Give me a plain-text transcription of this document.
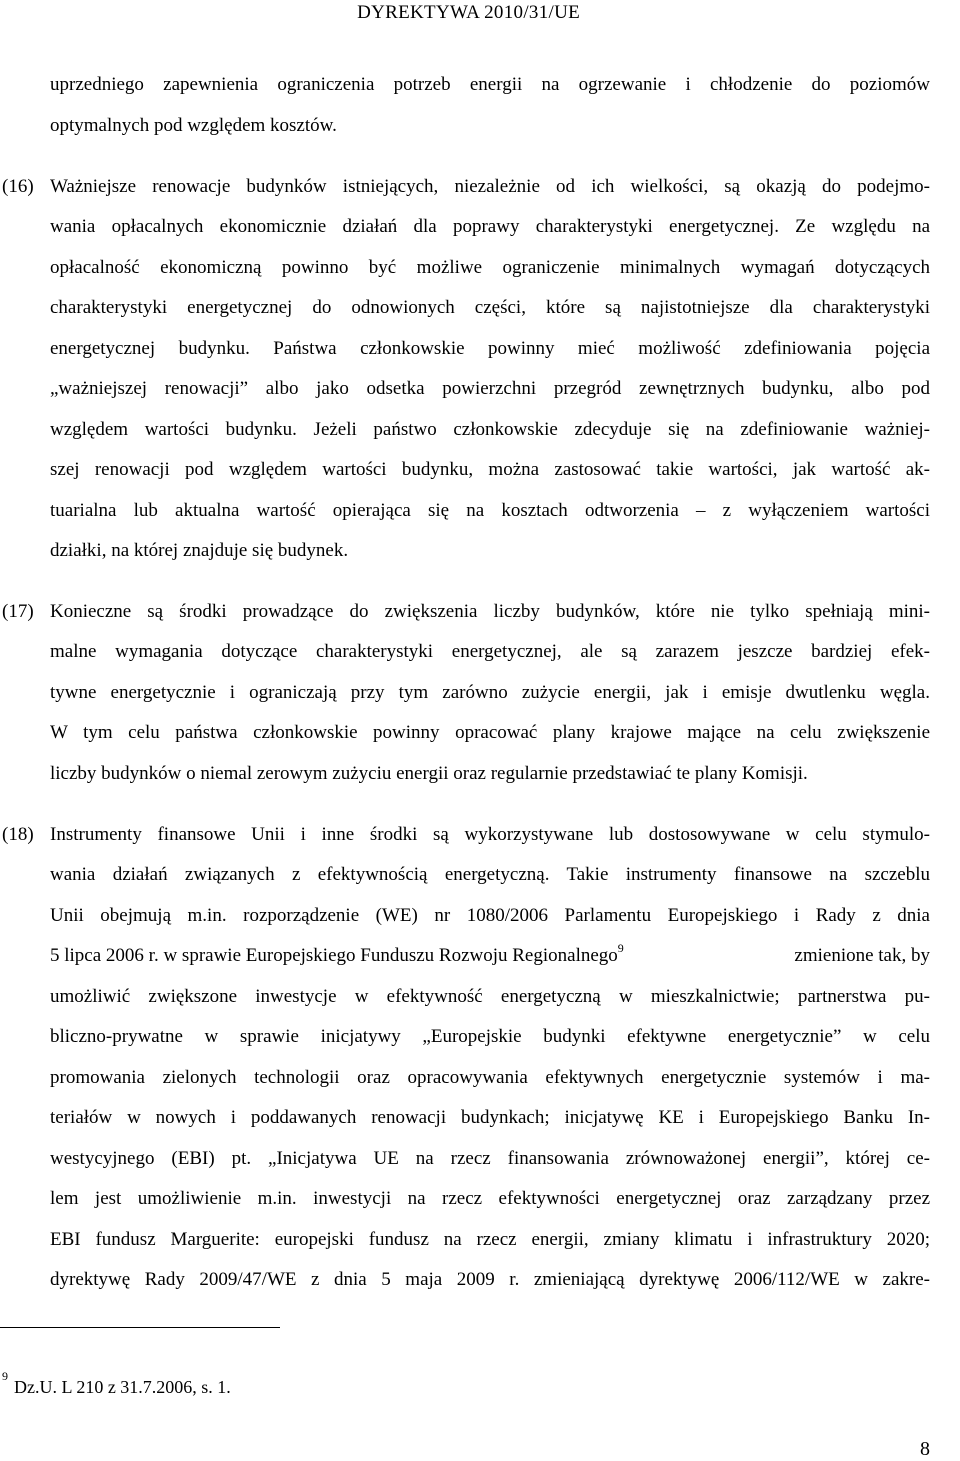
DYREKTYWA 2010/31/UE
uprzedniego zapewnienia ograniczenia potrzeb energii na ogrzewanie i chłodzenie do poziomów
optymalnych pod względem kosztów.
(16) Ważniejsze renowacje budynków istniejących, niezależnie od ich wielkości, są okazją do podejmo-
wania opłacalnych ekonomicznie działań dla poprawy charakterystyki energetycznej. Ze względu na
opłacalność ekonomiczną powinno być możliwe ograniczenie minimalnych wymagań dotyczących
charakterystyki energetycznej do odnowionych części, które są najistotniejsze dla charakterystyki
energetycznej budynku. Państwa członkowskie powinny mieć możliwość zdefiniowania pojęcia
„ważniejszej renowacji” albo jako odsetka powierzchni przegród zewnętrznych budynku, albo pod
względem wartości budynku. Jeżeli państwo członkowskie zdecyduje się na zdefiniowanie ważniej-
szej renowacji pod względem wartości budynku, można zastosować takie wartości, jak wartość ak-
tuarialna lub aktualna wartość opierająca się na kosztach odtworzenia – z wyłączeniem wartości
działki, na której znajduje się budynek.
(17) Konieczne są środki prowadzące do zwiększenia liczby budynków, które nie tylko spełniają mini-
malne wymagania dotyczące charakterystyki energetycznej, ale są zarazem jeszcze bardziej efek-
tywne energetycznie i ograniczają przy tym zarówno zużycie energii, jak i emisje dwutlenku węgla.
W tym celu państwa członkowskie powinny opracować plany krajowe mające na celu zwiększenie
liczby budynków o niemal zerowym zużyciu energii oraz regularnie przedstawiać te plany Komisji.
(18) Instrumenty finansowe Unii i inne środki są wykorzystywane lub dostosowywane w celu stymulo-
wania działań związanych z efektywnością energetyczną. Takie instrumenty finansowe na szczeblu
Unii obejmują m.in. rozporządzenie (WE) nr 1080/2006 Parlamentu Europejskiego i Rady z dnia
5 lipca 2006 r. w sprawie Europejskiego Funduszu Rozwoju Regionalnego$^9$	zmienione tak, by
umożliwić zwiększone inwestycje w efektywność energetyczną w mieszkalnictwie; partnerstwa pu-
bliczno-prywatne w sprawie inicjatywy „Europejskie budynki efektywne energetycznie” w celu
promowania zielonych technologii oraz opracowywania efektywnych energetycznie systemów i ma-
teriałów w nowych i poddawanych renowacji budynkach; inicjatywę KE i Europejskiego Banku In-
westycyjnego (EBI) pt. „Inicjatywa UE na rzecz finansowania zrównoważonej energii”, której ce-
lem jest umożliwienie m.in. inwestycji na rzecz efektywności energetycznej oraz zarządzany przez
EBI fundusz Marguerite: europejski fundusz na rzecz energii, zmiany klimatu i infrastruktury 2020;
dyrektywę Rady 2009/47/WE z dnia 5 maja 2009 r. zmieniającą dyrektywę 2006/112/WE w zakre-
$^9$Dz.U. L 210 z 31.7.2006, s. 1.
8
